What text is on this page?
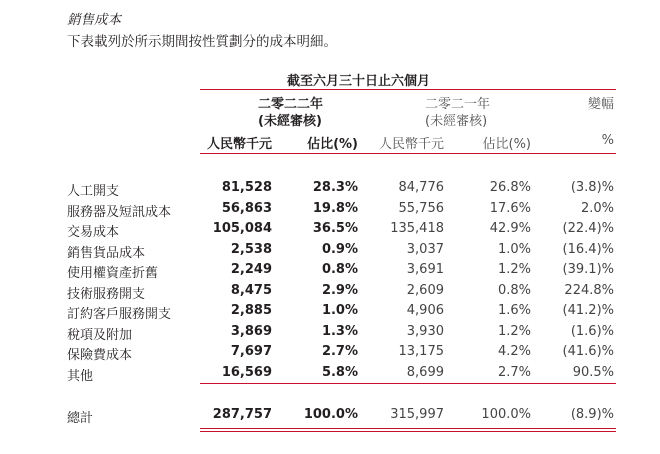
銷售成本
下表載列於所示期間按性質劃分的成本明細。
截至六月三十日止六個月
二零二二年
(未經審核)
二零二一年
(未經審核)
變幅
人民幣千元	佔比(%) 人民幣千元	佔比(%)	%
人工開支	81,528	28.3%	84,776	26.8%	(3.8)%
服務器及短訊成本	56,863	19.8%	55,756	17.6%	2.0%
交易成本	105,084	36.5% 135,418	42.9% (22.4)%
銷售貨品成本	2,538	0.9%	3,037	1.0% (16.4)%
使用權資產折舊	2,249	0.8%	3,691	1.2% (39.1)%
技術服務開支	8,475	2.9%	2,609	0.8%	224.8%
訂約客戶服務開支	2,885	1.0%	4,906	1.6% (41.2)%
稅項及附加	3,869	1.3%	3,930	1.2%	(1.6)%
保險費成本	7,697	2.7%	13,175	4.2% (41.6)%
其他	16,569	5.8%	8,699	2.7%	90.5%
總計	287,757 100.0% 315,997	100.0%	(8.9)%
